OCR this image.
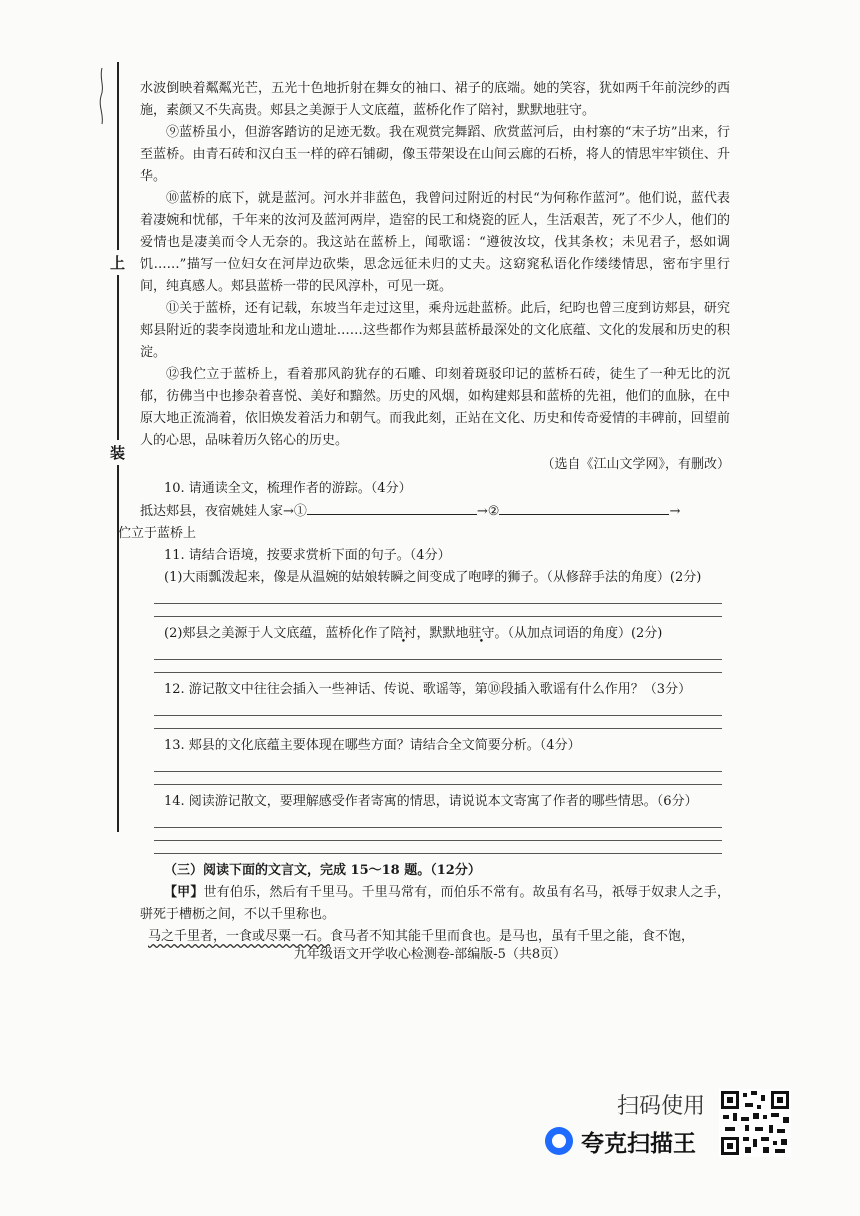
上
装

水波倒映着粼粼光芒，五光十色地折射在舞女的袖口、裙子的底端。她的笑容，犹如两千年前浣纱的西施，素颜又不失高贵。郏县之美源于人文底蕴，蓝桥化作了陪衬，默默地驻守。

⑨蓝桥虽小，但游客踏访的足迹无数。我在观赏完舞蹈、欣赏蓝河后，由村寨的“末子坊”出来，行至蓝桥。由青石砖和汉白玉一样的碎石铺砌，像玉带架设在山间云廊的石桥，将人的情思牢牢锁住、升华。

⑩蓝桥的底下，就是蓝河。河水并非蓝色，我曾问过附近的村民“为何称作蓝河”。他们说，蓝代表着凄婉和忧郁，千年来的汝河及蓝河两岸，造窑的民工和烧瓷的匠人，生活艰苦，死了不少人，他们的爱情也是凄美而令人无奈的。我这站在蓝桥上，闻歌谣：“遵彼汝坟，伐其条枚；未见君子，惄如调饥……”描写一位妇女在河岸边砍柴，思念远征未归的丈夫。这窈窕私语化作缕缕情思，密布宇里行间，纯真感人。郏县蓝桥一带的民风淳朴，可见一斑。

⑪关于蓝桥，还有记载，东坡当年走过这里，乘舟远赴蓝桥。此后，纪昀也曾三度到访郏县，研究郏县附近的裴李岗遗址和龙山遗址……这些都作为郏县蓝桥最深处的文化底蕴、文化的发展和历史的积淀。

⑫我伫立于蓝桥上，看着那风韵犹存的石雕、印刻着斑驳印记的蓝桥石砖，徒生了一种无比的沉郁，彷佛当中也掺杂着喜悦、美好和黯然。历史的风烟，如构建郏县和蓝桥的先祖，他们的血脉，在中原大地正流淌着，依旧焕发着活力和朝气。而我此刻，正站在文化、历史和传奇爱情的丰碑前，回望前人的心思，品味着历久铭心的历史。

（选自《江山文学网》，有删改）

10. 请通读全文，梳理作者的游踪。（4分）

抵达郏县，夜宿姚娃人家→①	→②	→

伫立于蓝桥上

11. 请结合语境，按要求赏析下面的句子。（4分）

(1)大雨瓢泼起来，像是从温婉的姑娘转瞬之间变成了咆哮的狮子。（从修辞手法的角度）(2分)

(2)郏县之美源于人文底蕴，蓝桥化作了陪衬，默默地驻守。（从加点词语的角度）(2分)

12. 游记散文中往往会插入一些神话、传说、歌谣等，第⑩段插入歌谣有什么作用？（3分）

13. 郏县的文化底蕴主要体现在哪些方面？请结合全文简要分析。（4分）

14. 阅读游记散文，要理解感受作者寄寓的情思，请说说本文寄寓了作者的哪些情思。（6分）

（三）阅读下面的文言文，完成 15～18 题。（12分）

【甲】世有伯乐，然后有千里马。千里马常有，而伯乐不常有。故虽有名马，祇辱于奴隶人之手，骈死于槽枥之间，不以千里称也。

马之千里者，一食或尽粟一石。食马者不知其能千里而食也。是马也，虽有千里之能，食不饱，

九年级语文开学收心检测卷-部编版-5（共8页）
扫码使用
夸克扫描王
